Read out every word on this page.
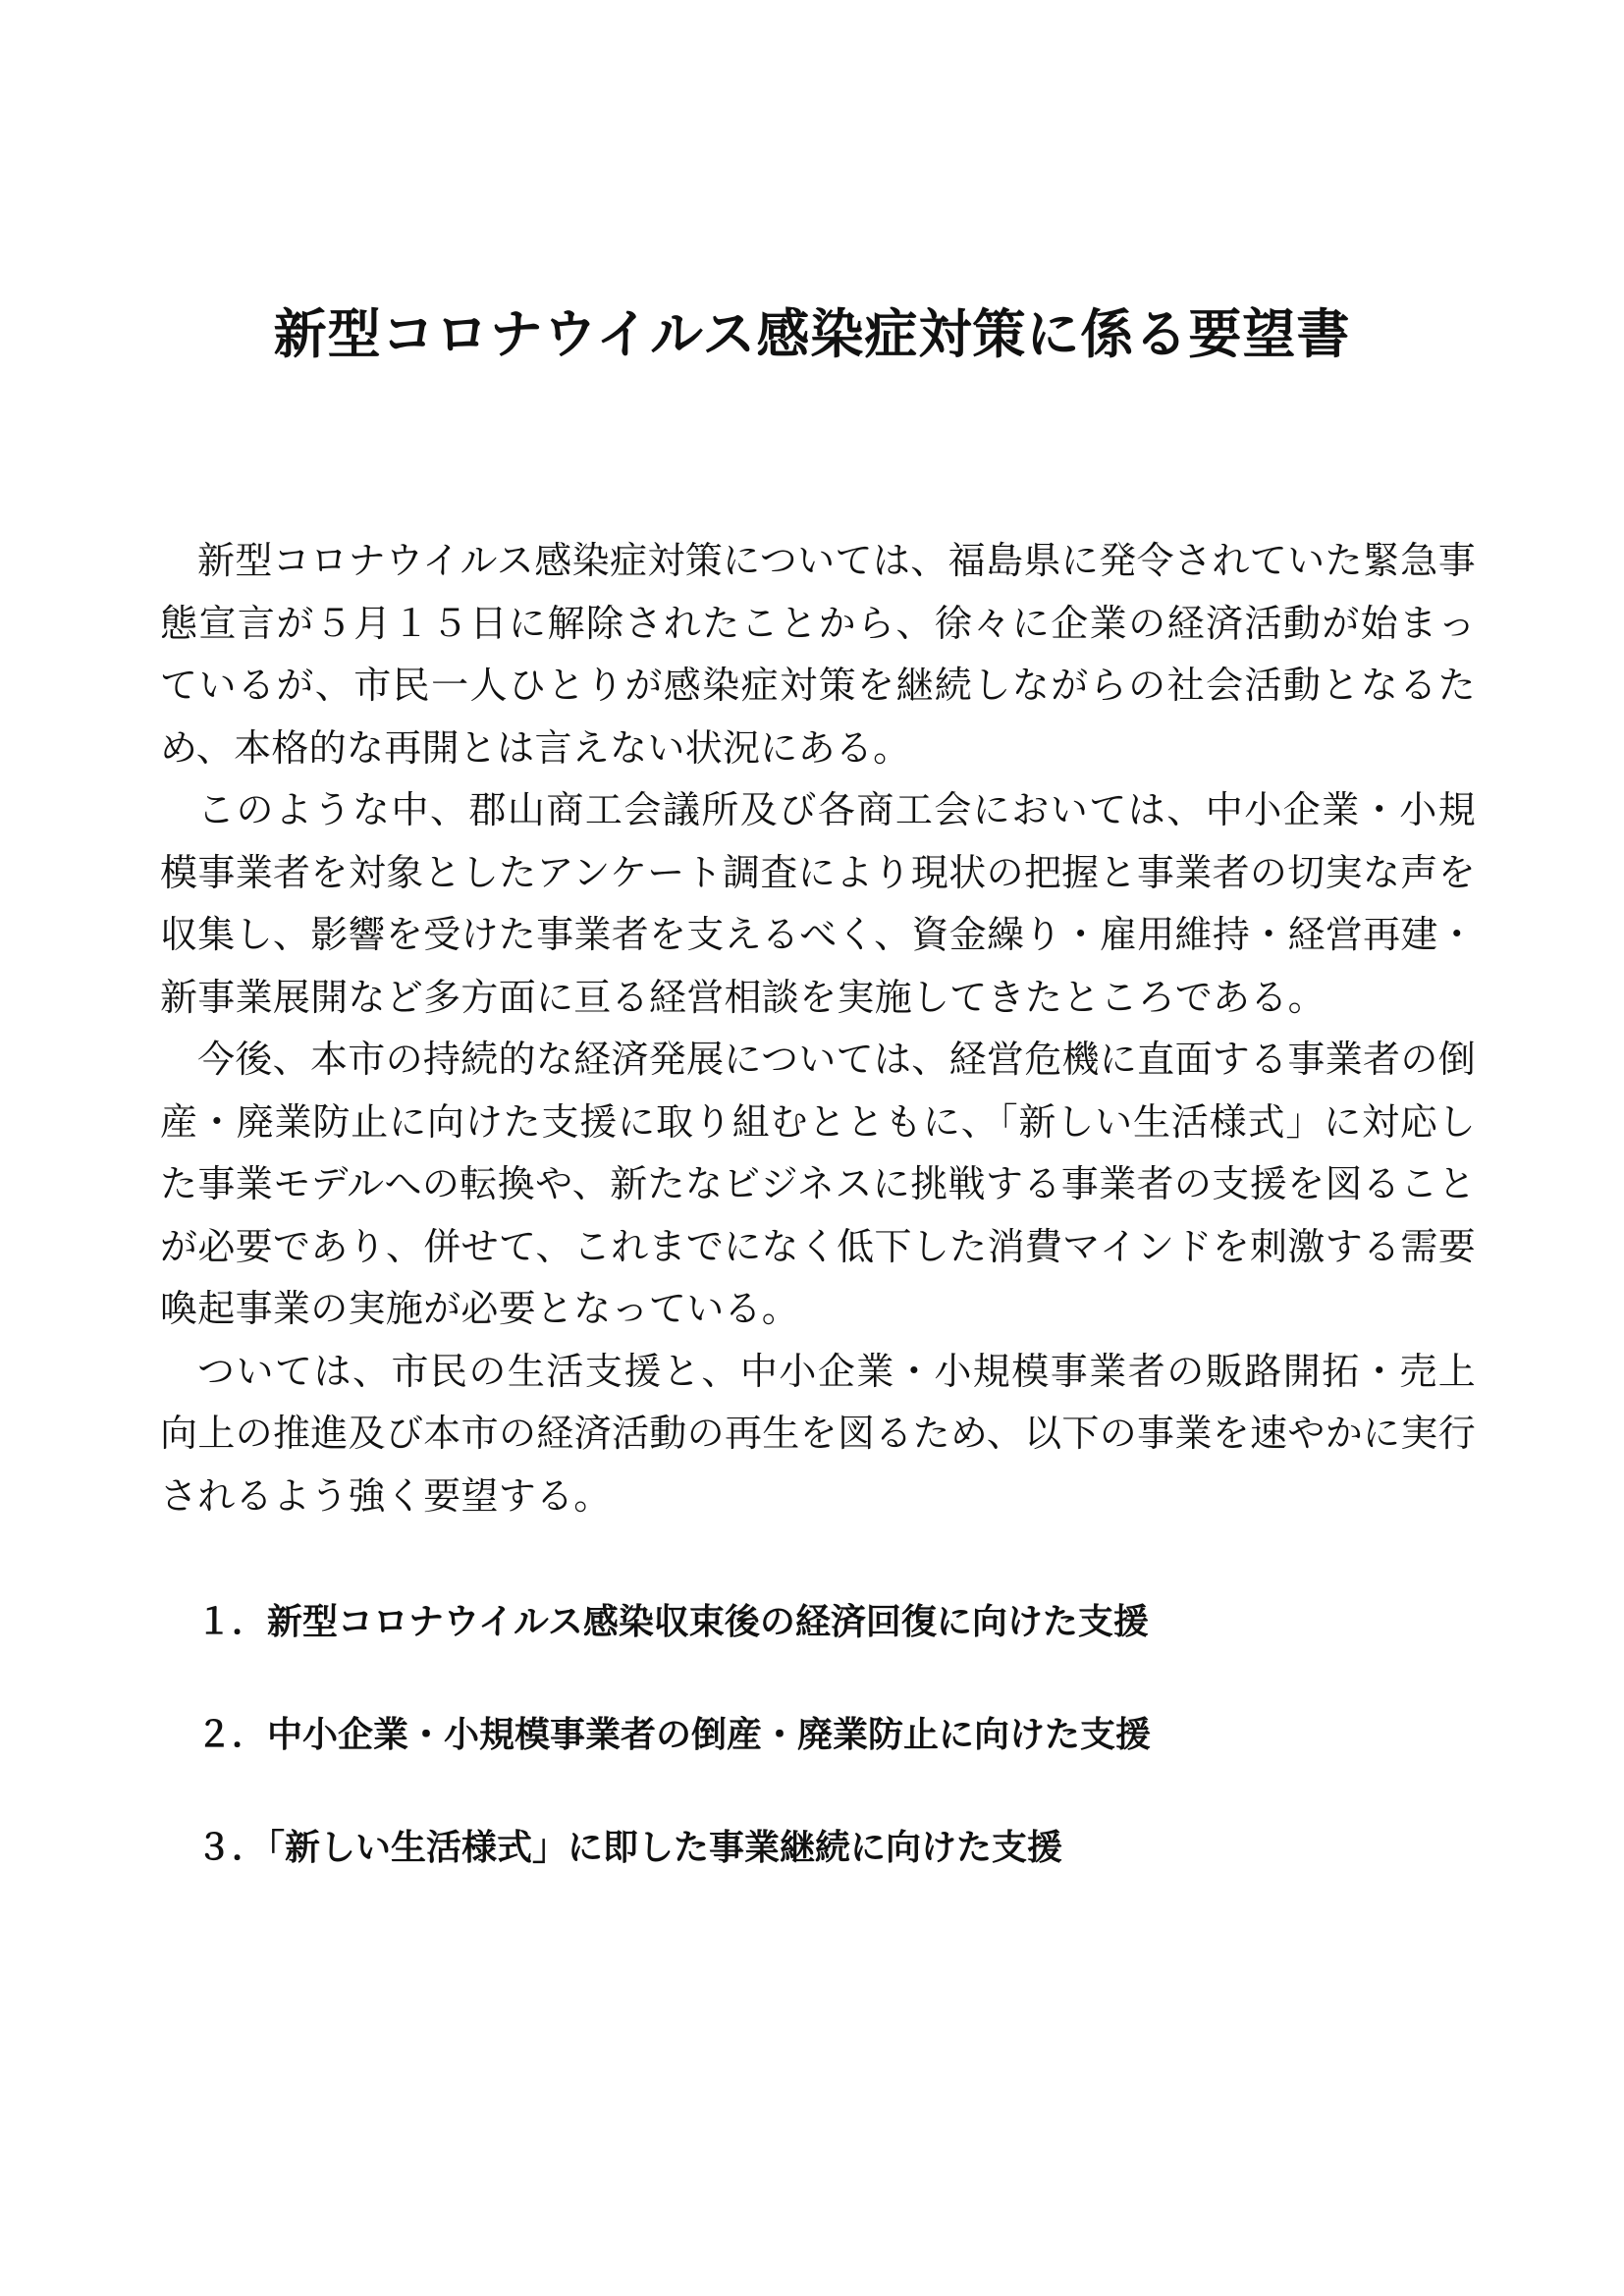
新型コロナウイルス感染症対策に係る要望書

新型コロナウイルス感染症対策については、福島県に発令されていた緊急事態宣言が５月１５日に解除されたことから、徐々に企業の経済活動が始まっているが、市民一人ひとりが感染症対策を継続しながらの社会活動となるため、本格的な再開とは言えない状況にある。

このような中、郡山商工会議所及び各商工会においては、中小企業・小規模事業者を対象としたアンケート調査により現状の把握と事業者の切実な声を収集し、影響を受けた事業者を支えるべく、資金繰り・雇用維持・経営再建・新事業展開など多方面に亘る経営相談を実施してきたところである。

今後、本市の持続的な経済発展については、経営危機に直面する事業者の倒産・廃業防止に向けた支援に取り組むとともに、「新しい生活様式」に対応した事業モデルへの転換や、新たなビジネスに挑戦する事業者の支援を図ることが必要であり、併せて、これまでになく低下した消費マインドを刺激する需要喚起事業の実施が必要となっている。

ついては、市民の生活支援と、中小企業・小規模事業者の販路開拓・売上向上の推進及び本市の経済活動の再生を図るため、以下の事業を速やかに実行されるよう強く要望する。

１．新型コロナウイルス感染収束後の経済回復に向けた支援
２．中小企業・小規模事業者の倒産・廃業防止に向けた支援
３．「新しい生活様式」に即した事業継続に向けた支援
